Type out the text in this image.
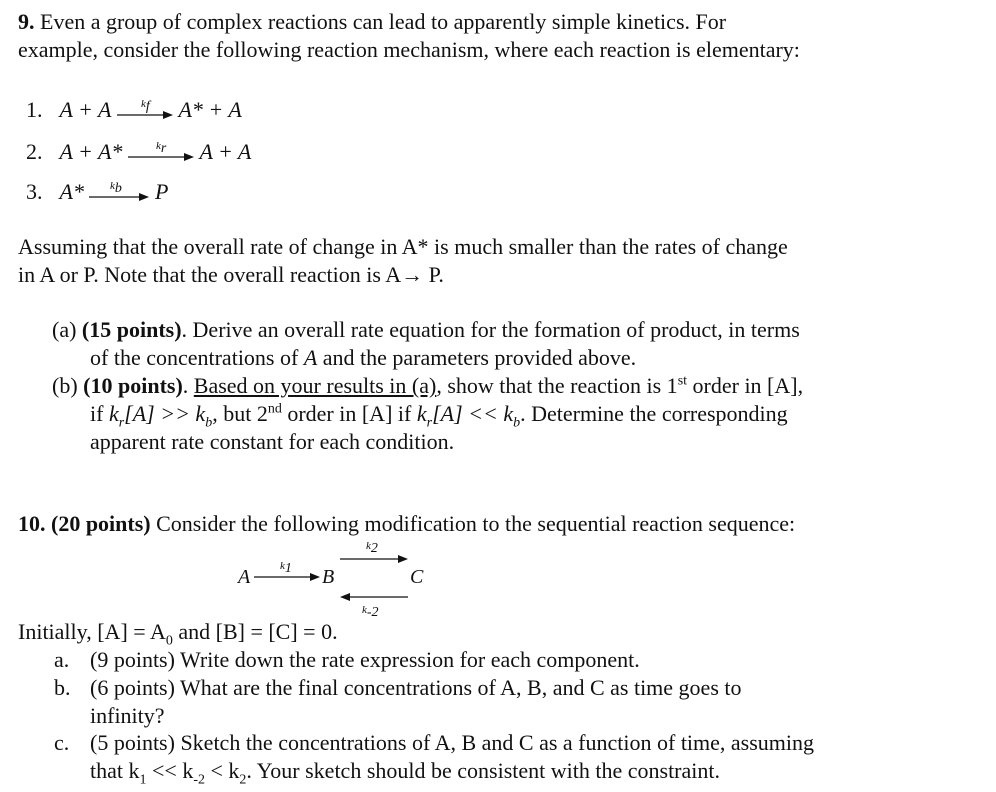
9. Even a group of complex reactions can lead to apparently simple kinetics. For
example, consider the following reaction mechanism, where each reaction is elementary:
1. A + A → A* + A
$k_f$
2. A + A* → A + A
$k_r$
3. A* → P
$k_b$
Assuming that the overall rate of change in A* is much smaller than the rates of change
in A or P. Note that the overall reaction is A→ P.
(a) (15 points). Derive an overall rate equation for the formation of product, in terms
of the concentrations of A and the parameters provided above.
(b) (10 points). Based on your results in (a), show that the reaction is 1st order in [A],
if $k_r[A] >> k_b$, but 2nd order in [A] if $k_r[A] << k_b$. Determine the corresponding
apparent rate constant for each condition.
10. (20 points) Consider the following modification to the sequential reaction sequence:
A	$k_1$ B
$k_2$
C
$k_{-2}$
Initially, $[A] = A_0$ and [B] = [C] = 0.
a. (9 points) Write down the rate expression for each component.
b. (6 points) What are the final concentrations of A, B, and C as time goes to
infinity?
c. (5 points) Sketch the concentrations of A, B and C as a function of time, assuming
that $k_1 << k_{-2} < k_2$. Your sketch should be consistent with the constraint.
